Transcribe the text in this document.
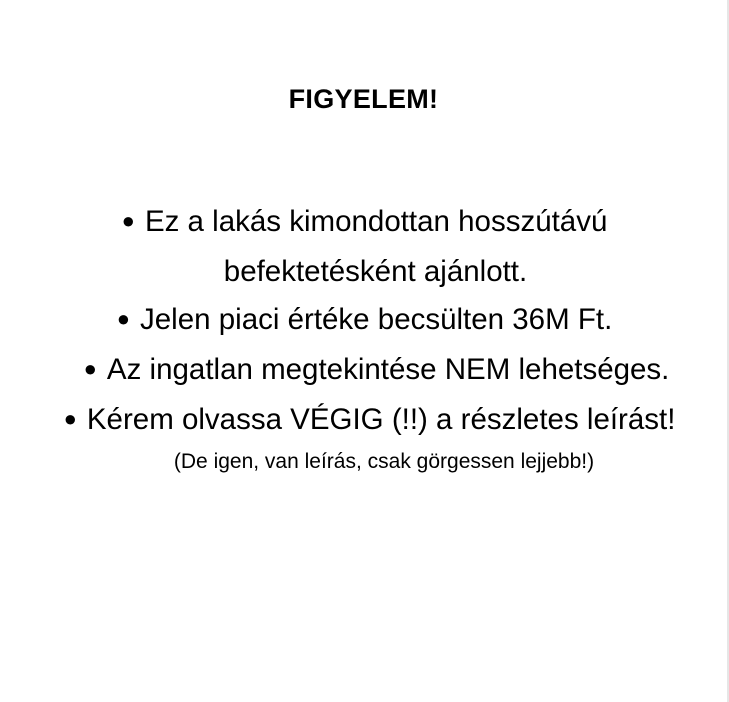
FIGYELEM!
● Ez a lakás kimondottan hosszútávú
befektetésként ajánlott.
● Jelen piaci értéke becsülten 36M Ft.
● Az ingatlan megtekintése NEM lehetséges.
● Kérem olvassa VÉGIG (!!) a részletes leírást!
(De igen, van leírás, csak görgessen lejjebb!)
